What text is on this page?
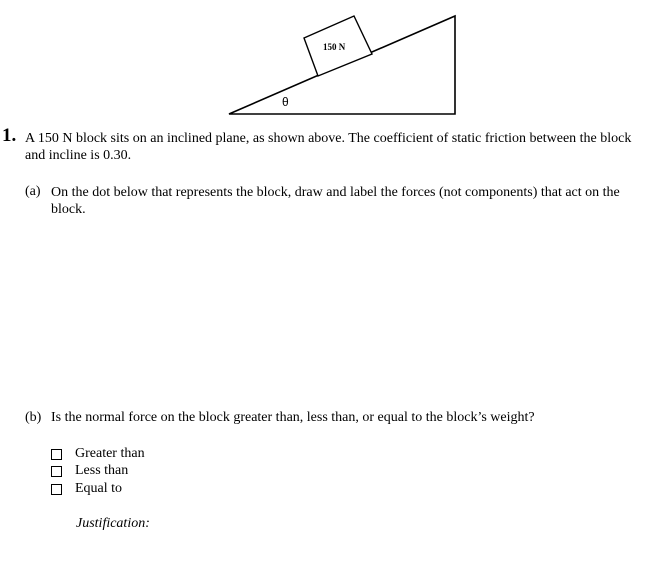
150 N
θ
1. A 150 N block sits on an inclined plane, as shown above. The coefficient of static friction between the block and incline is 0.30.
(a) On the dot below that represents the block, draw and label the forces (not components) that act on the block.
(b) Is the normal force on the block greater than, less than, or equal to the block’s weight?
Greater than
Less than
Equal to
Justification:
